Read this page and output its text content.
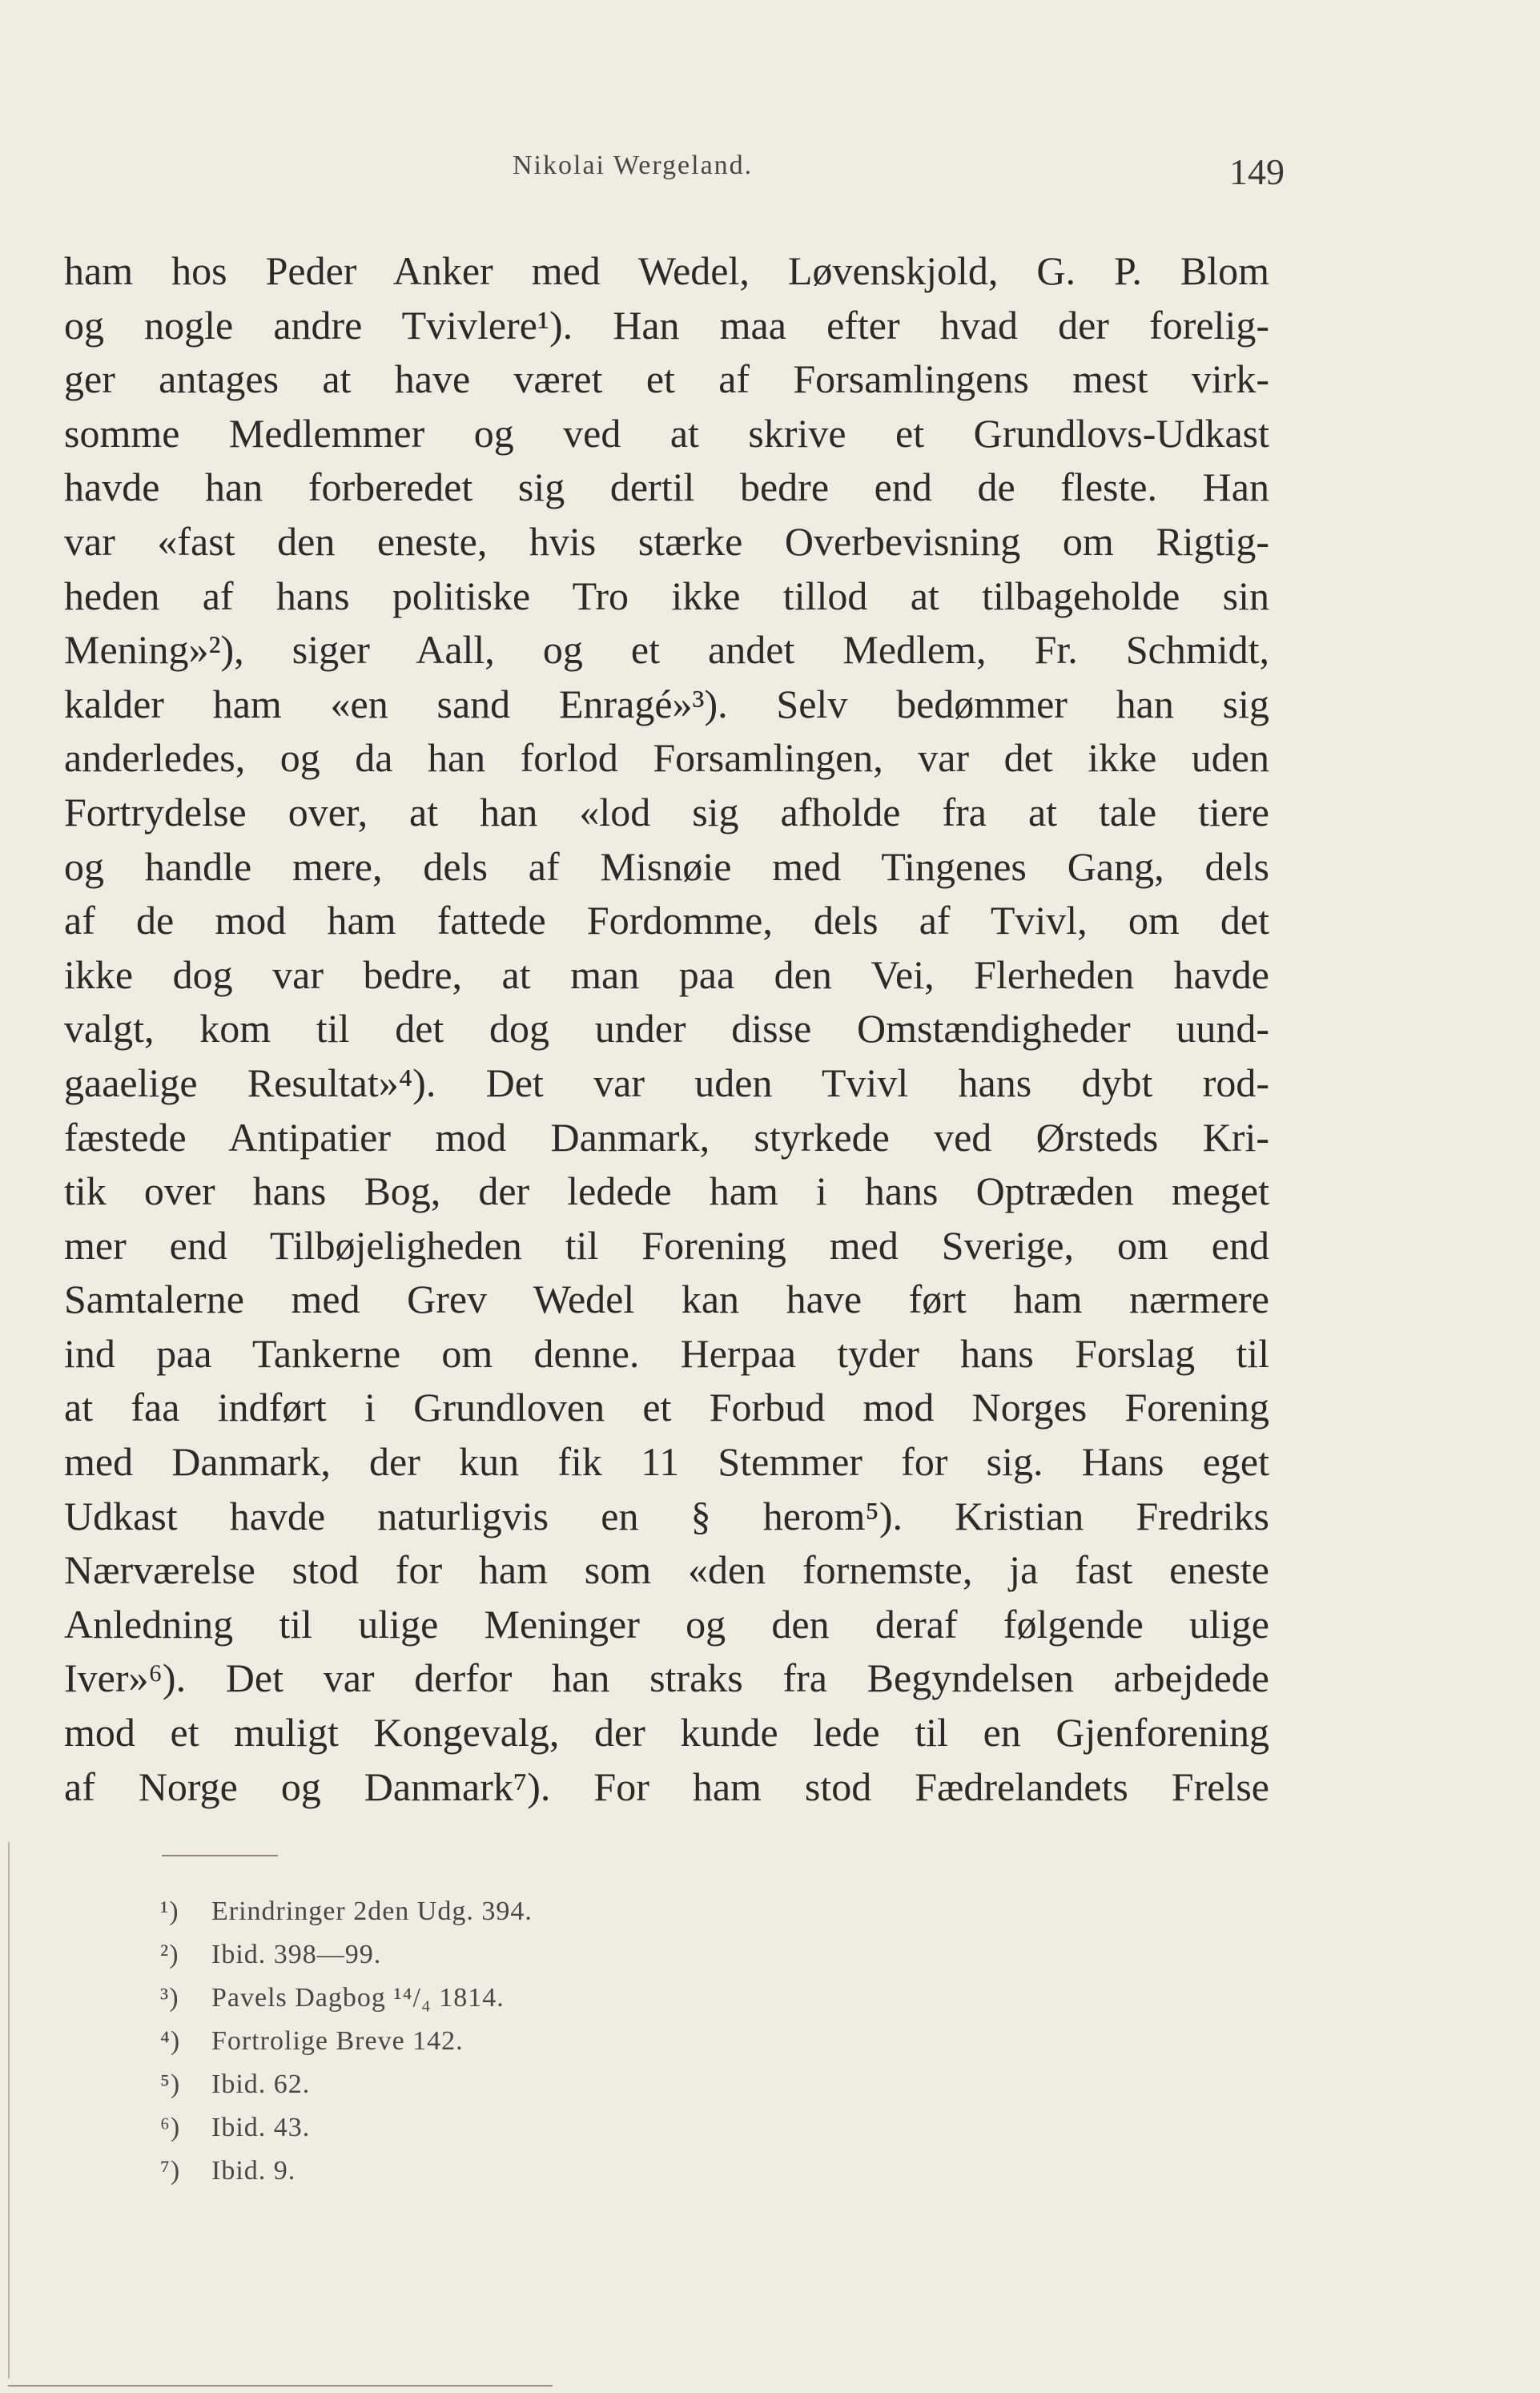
Nikolai Wergeland.	149
ham hos Peder Anker med Wedel, Løvenskjold, G. P. Blom
og nogle andre Tvivlere¹). Han maa efter hvad der forelig-
ger antages at have været et af Forsamlingens mest virk-
somme Medlemmer og ved at skrive et Grundlovs-Udkast
havde han forberedet sig dertil bedre end de fleste. Han
var «fast den eneste, hvis stærke Overbevisning om Rigtig-
heden af hans politiske Tro ikke tillod at tilbageholde sin
Mening»²), siger Aall, og et andet Medlem, Fr. Schmidt,
kalder ham «en sand Enragé»³). Selv bedømmer han sig
anderledes, og da han forlod Forsamlingen, var det ikke uden
Fortrydelse over, at han «lod sig afholde fra at tale tiere
og handle mere, dels af Misnøie med Tingenes Gang, dels
af de mod ham fattede Fordomme, dels af Tvivl, om det
ikke dog var bedre, at man paa den Vei, Flerheden havde
valgt, kom til det dog under disse Omstændigheder uund-
gaaelige Resultat»⁴). Det var uden Tvivl hans dybt rod-
fæstede Antipatier mod Danmark, styrkede ved Ørsteds Kri-
tik over hans Bog, der ledede ham i hans Optræden meget
mer end Tilbøjeligheden til Forening med Sverige, om end
Samtalerne med Grev Wedel kan have ført ham nærmere
ind paa Tankerne om denne. Herpaa tyder hans Forslag til
at faa indført i Grundloven et Forbud mod Norges Forening
med Danmark, der kun fik 11 Stemmer for sig. Hans eget
Udkast havde naturligvis en § herom⁵). Kristian Fredriks
Nærværelse stod for ham som «den fornemste, ja fast eneste
Anledning til ulige Meninger og den deraf følgende ulige
Iver»⁶). Det var derfor han straks fra Begyndelsen arbejdede
mod et muligt Kongevalg, der kunde lede til en Gjenforening
af Norge og Danmark⁷). For ham stod Fædrelandets Frelse
¹) Erindringer 2den Udg. 394.
²) Ibid. 398—99.
³) Pavels Dagbog ¹⁴/₄ 1814.
⁴) Fortrolige Breve 142.
⁵) Ibid. 62.
⁶) Ibid. 43.
⁷) Ibid. 9.
